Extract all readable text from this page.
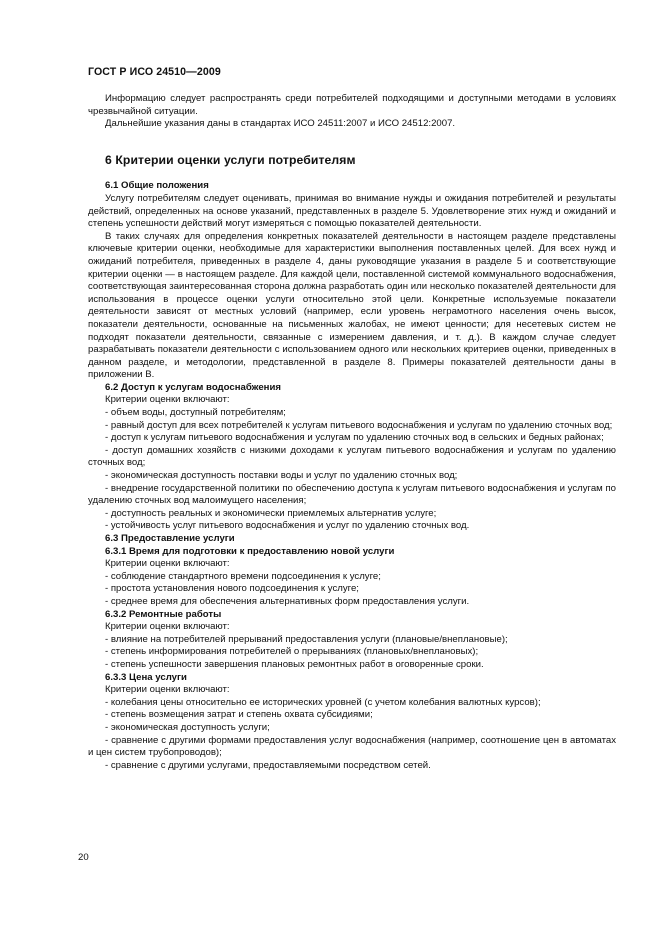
ГОСТ Р ИСО 24510—2009

Информацию следует распространять среди потребителей подходящими и доступными методами в условиях чрезвычайной ситуации.

Дальнейшие указания даны в стандартах ИСО 24511:2007 и ИСО 24512:2007.

6 Критерии оценки услуги потребителям

6.1 Общие положения

Услугу потребителям следует оценивать, принимая во внимание нужды и ожидания потребителей и результаты действий, определенных на основе указаний, представленных в разделе 5. Удовлетворение этих нужд и ожиданий и степень успешности действий могут измеряться с помощью показателей деятельности.

В таких случаях для определения конкретных показателей деятельности в настоящем разделе представлены ключевые критерии оценки, необходимые для характеристики выполнения поставленных целей. Для всех нужд и ожиданий потребителя, приведенных в разделе 4, даны руководящие указания в разделе 5 и соответствующие критерии оценки — в настоящем разделе. Для каждой цели, поставленной системой коммунального водоснабжения, соответствующая заинтересованная сторона должна разработать один или несколько показателей деятельности для использования в процессе оценки услуги относительно этой цели. Конкретные используемые показатели деятельности зависят от местных условий (например, если уровень неграмотного населения очень высок, показатели деятельности, основанные на письменных жалобах, не имеют ценности; для несетевых систем не подходят показатели деятельности, связанные с измерением давления, и т. д.). В каждом случае следует разрабатывать показатели деятельности с использованием одного или нескольких критериев оценки, приведенных в данном разделе, и методологии, представленной в разделе 8. Примеры показателей деятельности даны в приложении В.

6.2 Доступ к услугам водоснабжения

Критерии оценки включают:

- объем воды, доступный потребителям;

- равный доступ для всех потребителей к услугам питьевого водоснабжения и услугам по удалению сточных вод;

- доступ к услугам питьевого водоснабжения и услугам по удалению сточных вод в сельских и бедных районах;

- доступ домашних хозяйств с низкими доходами к услугам питьевого водоснабжения и услугам по удалению сточных вод;

- экономическая доступность поставки воды и услуг по удалению сточных вод;

- внедрение государственной политики по обеспечению доступа к услугам питьевого водоснабжения и услугам по удалению сточных вод малоимущего населения;

- доступность реальных и экономически приемлемых альтернатив услуге;

- устойчивость услуг питьевого водоснабжения и услуг по удалению сточных вод.

6.3 Предоставление услуги

6.3.1 Время для подготовки к предоставлению новой услуги

Критерии оценки включают:

- соблюдение стандартного времени подсоединения к услуге;

- простота установления нового подсоединения к услуге;

- среднее время для обеспечения альтернативных форм предоставления услуги.

6.3.2 Ремонтные работы

Критерии оценки включают:

- влияние на потребителей прерываний предоставления услуги (плановые/внеплановые);

- степень информирования потребителей о прерываниях (плановых/внеплановых);

- степень успешности завершения плановых ремонтных работ в оговоренные сроки.

6.3.3 Цена услуги

Критерии оценки включают:

- колебания цены относительно ее исторических уровней (с учетом колебания валютных курсов);

- степень возмещения затрат и степень охвата субсидиями;

- экономическая доступность услуги;

- сравнение с другими формами предоставления услуг водоснабжения (например, соотношение цен в автоматах и цен систем трубопроводов);

- сравнение с другими услугами, предоставляемыми посредством сетей.

20
